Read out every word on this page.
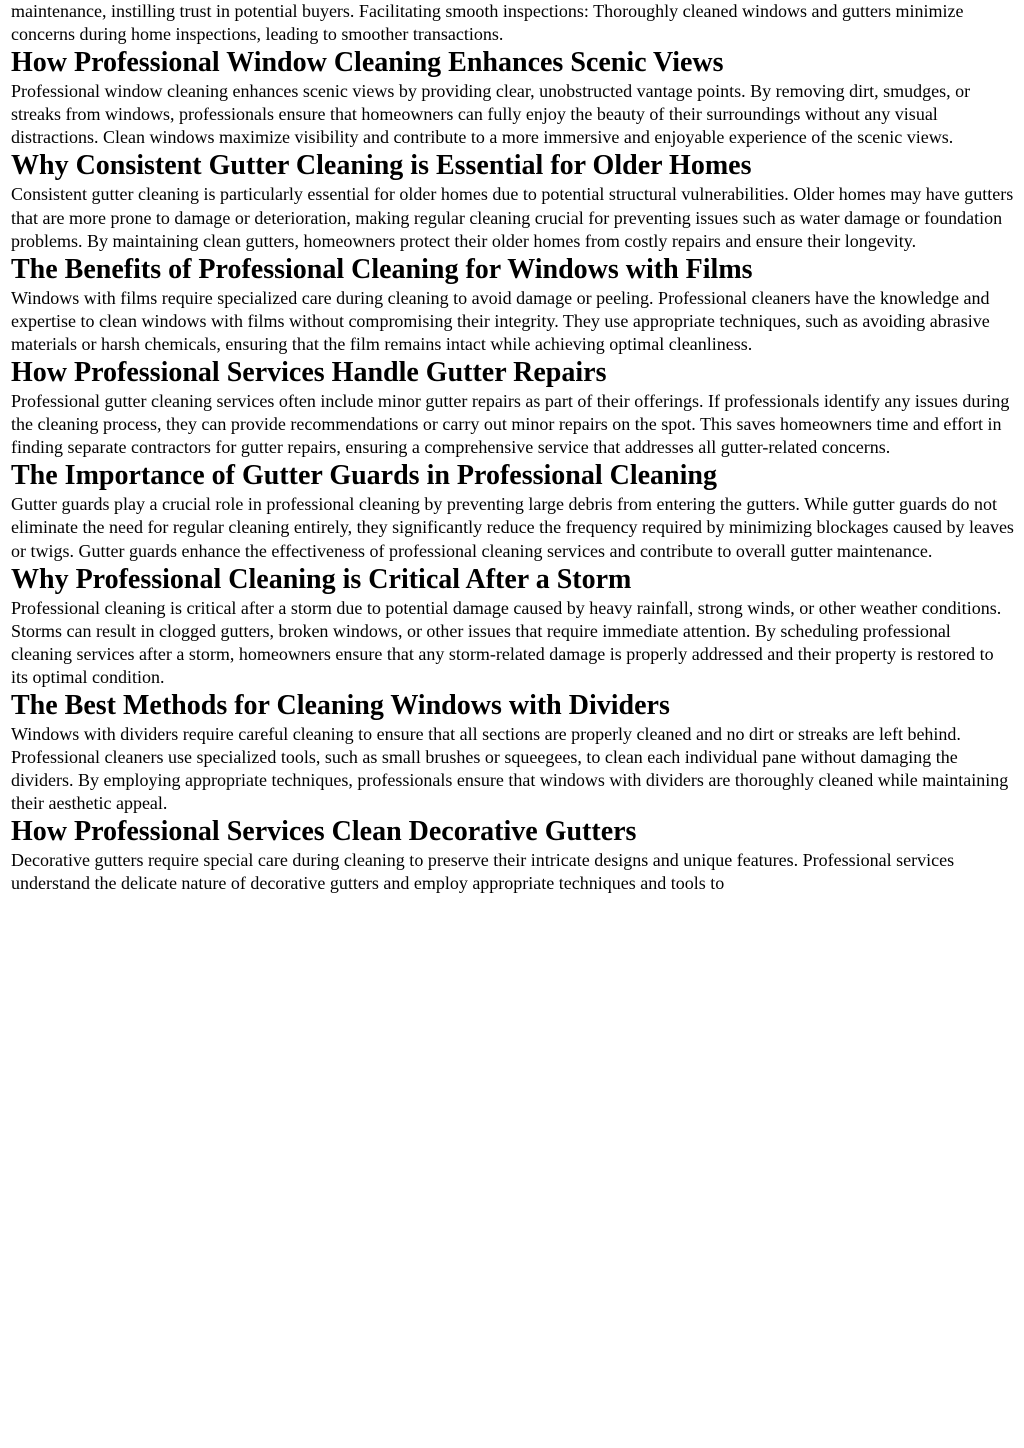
maintenance, instilling trust in potential buyers. Facilitating smooth inspections: Thoroughly cleaned windows and gutters minimize concerns during home inspections, leading to smoother transactions.

How Professional Window Cleaning Enhances Scenic Views

Professional window cleaning enhances scenic views by providing clear, unobstructed vantage points. By removing dirt, smudges, or streaks from windows, professionals ensure that homeowners can fully enjoy the beauty of their surroundings without any visual distractions. Clean windows maximize visibility and contribute to a more immersive and enjoyable experience of the scenic views.

Why Consistent Gutter Cleaning is Essential for Older Homes

Consistent gutter cleaning is particularly essential for older homes due to potential structural vulnerabilities. Older homes may have gutters that are more prone to damage or deterioration, making regular cleaning crucial for preventing issues such as water damage or foundation problems. By maintaining clean gutters, homeowners protect their older homes from costly repairs and ensure their longevity.

The Benefits of Professional Cleaning for Windows with Films

Windows with films require specialized care during cleaning to avoid damage or peeling. Professional cleaners have the knowledge and expertise to clean windows with films without compromising their integrity. They use appropriate techniques, such as avoiding abrasive materials or harsh chemicals, ensuring that the film remains intact while achieving optimal cleanliness.

How Professional Services Handle Gutter Repairs

Professional gutter cleaning services often include minor gutter repairs as part of their offerings. If professionals identify any issues during the cleaning process, they can provide recommendations or carry out minor repairs on the spot. This saves homeowners time and effort in finding separate contractors for gutter repairs, ensuring a comprehensive service that addresses all gutter-related concerns.

The Importance of Gutter Guards in Professional Cleaning

Gutter guards play a crucial role in professional cleaning by preventing large debris from entering the gutters. While gutter guards do not eliminate the need for regular cleaning entirely, they significantly reduce the frequency required by minimizing blockages caused by leaves or twigs. Gutter guards enhance the effectiveness of professional cleaning services and contribute to overall gutter maintenance.

Why Professional Cleaning is Critical After a Storm

Professional cleaning is critical after a storm due to potential damage caused by heavy rainfall, strong winds, or other weather conditions. Storms can result in clogged gutters, broken windows, or other issues that require immediate attention. By scheduling professional cleaning services after a storm, homeowners ensure that any storm-related damage is properly addressed and their property is restored to its optimal condition.

The Best Methods for Cleaning Windows with Dividers

Windows with dividers require careful cleaning to ensure that all sections are properly cleaned and no dirt or streaks are left behind. Professional cleaners use specialized tools, such as small brushes or squeegees, to clean each individual pane without damaging the dividers. By employing appropriate techniques, professionals ensure that windows with dividers are thoroughly cleaned while maintaining their aesthetic appeal.

How Professional Services Clean Decorative Gutters

Decorative gutters require special care during cleaning to preserve their intricate designs and unique features. Professional services understand the delicate nature of decorative gutters and employ appropriate techniques and tools to
